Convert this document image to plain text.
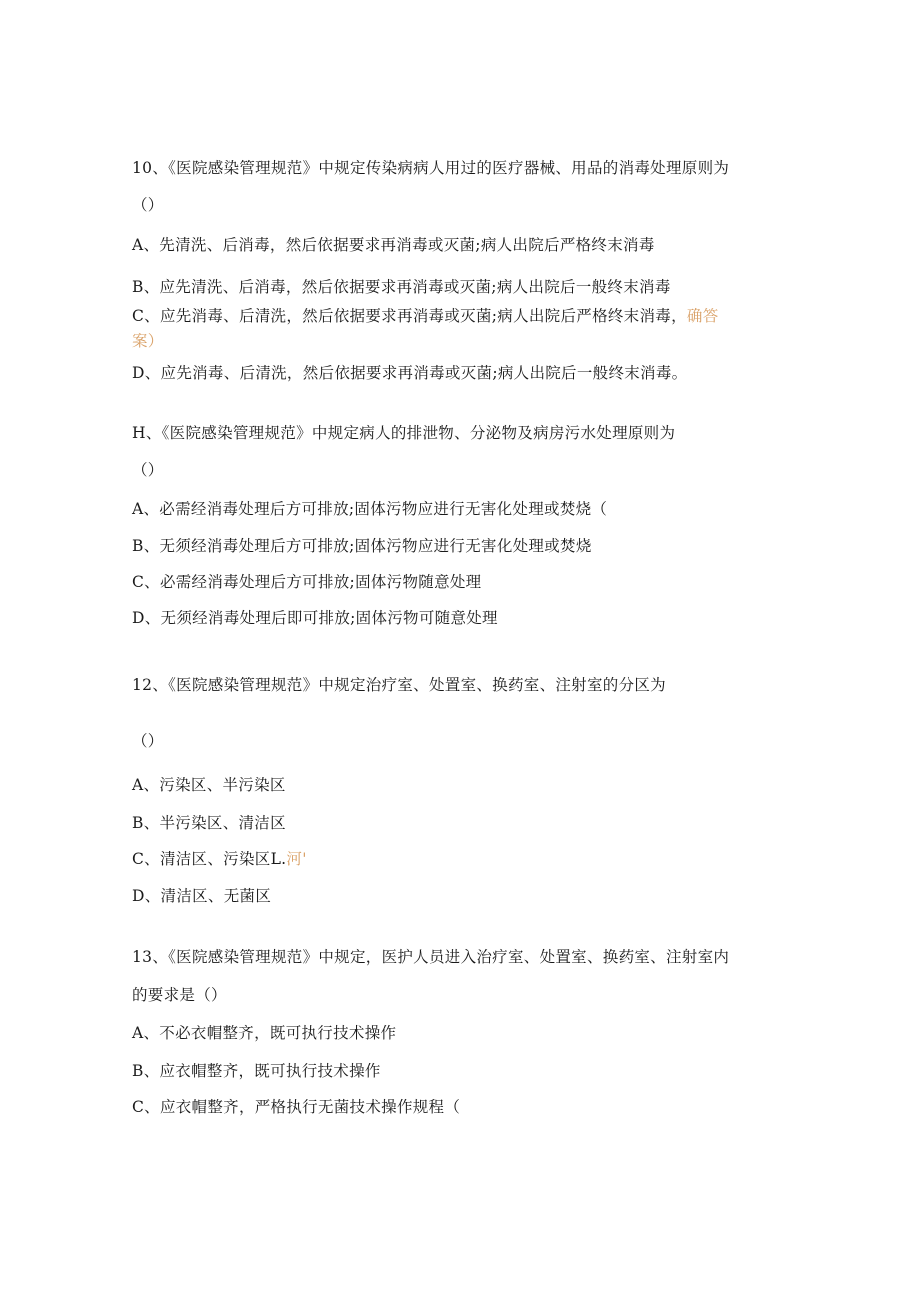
10、《医院感染管理规范》中规定传染病病人用过的医疗器械、用品的消毒处理原则为
（）
A、先清洗、后消毒，然后依据要求再消毒或灭菌;病人出院后严格终末消毒
B、应先清洗、后消毒，然后依据要求再消毒或灭菌;病人出院后一般终末消毒
C、应先消毒、后清洗，然后依据要求再消毒或灭菌;病人出院后严格终末消毒，确答
案）
D、应先消毒、后清洗，然后依据要求再消毒或灭菌;病人出院后一般终末消毒。
H、《医院感染管理规范》中规定病人的排泄物、分泌物及病房污水处理原则为
（）
A、必需经消毒处理后方可排放;固体污物应进行无害化处理或焚烧（
B、无须经消毒处理后方可排放;固体污物应进行无害化处理或焚烧
C、必需经消毒处理后方可排放;固体污物随意处理
D、无须经消毒处理后即可排放;固体污物可随意处理
12、《医院感染管理规范》中规定治疗室、处置室、换药室、注射室的分区为
（）
A、污染区、半污染区
B、半污染区、清洁区
C、清洁区、污染区L.河'
D、清洁区、无菌区
13、《医院感染管理规范》中规定，医护人员进入治疗室、处置室、换药室、注射室内
的要求是（）
A、不必衣帽整齐，既可执行技术操作
B、应衣帽整齐，既可执行技术操作
C、应衣帽整齐，严格执行无菌技术操作规程（
